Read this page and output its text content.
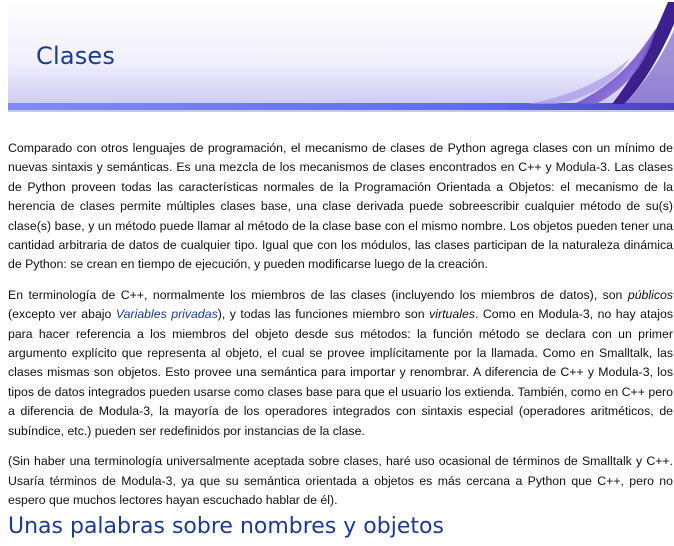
Clases

Comparado con otros lenguajes de programación, el mecanismo de clases de Python agrega clases con un mínimo de nuevas sintaxis y semánticas. Es una mezcla de los mecanismos de clases encontrados en C++ y Modula-3. Las clases de Python proveen todas las características normales de la Programación Orientada a Objetos: el mecanismo de la herencia de clases permite múltiples clases base, una clase derivada puede sobreescribir cualquier método de su(s) clase(s) base, y un método puede llamar al método de la clase base con el mismo nombre. Los objetos pueden tener una cantidad arbitraria de datos de cualquier tipo. Igual que con los módulos, las clases participan de la naturaleza dinámica de Python: se crean en tiempo de ejecución, y pueden modificarse luego de la creación.

En terminología de C++, normalmente los miembros de las clases (incluyendo los miembros de datos), son públicos (excepto ver abajo Variables privadas), y todas las funciones miembro son virtuales. Como en Modula-3, no hay atajos para hacer referencia a los miembros del objeto desde sus métodos: la función método se declara con un primer argumento explícito que representa al objeto, el cual se provee implícitamente por la llamada. Como en Smalltalk, las clases mismas son objetos. Esto provee una semántica para importar y renombrar. A diferencia de C++ y Modula-3, los tipos de datos integrados pueden usarse como clases base para que el usuario los extienda. También, como en C++ pero a diferencia de Modula-3, la mayoría de los operadores integrados con sintaxis especial (operadores aritméticos, de subíndice, etc.) pueden ser redefinidos por instancias de la clase.

(Sin haber una terminología universalmente aceptada sobre clases, haré uso ocasional de términos de Smalltalk y C++. Usaría términos de Modula-3, ya que su semántica orientada a objetos es más cercana a Python que C++, pero no espero que muchos lectores hayan escuchado hablar de él).

Unas palabras sobre nombres y objetos
